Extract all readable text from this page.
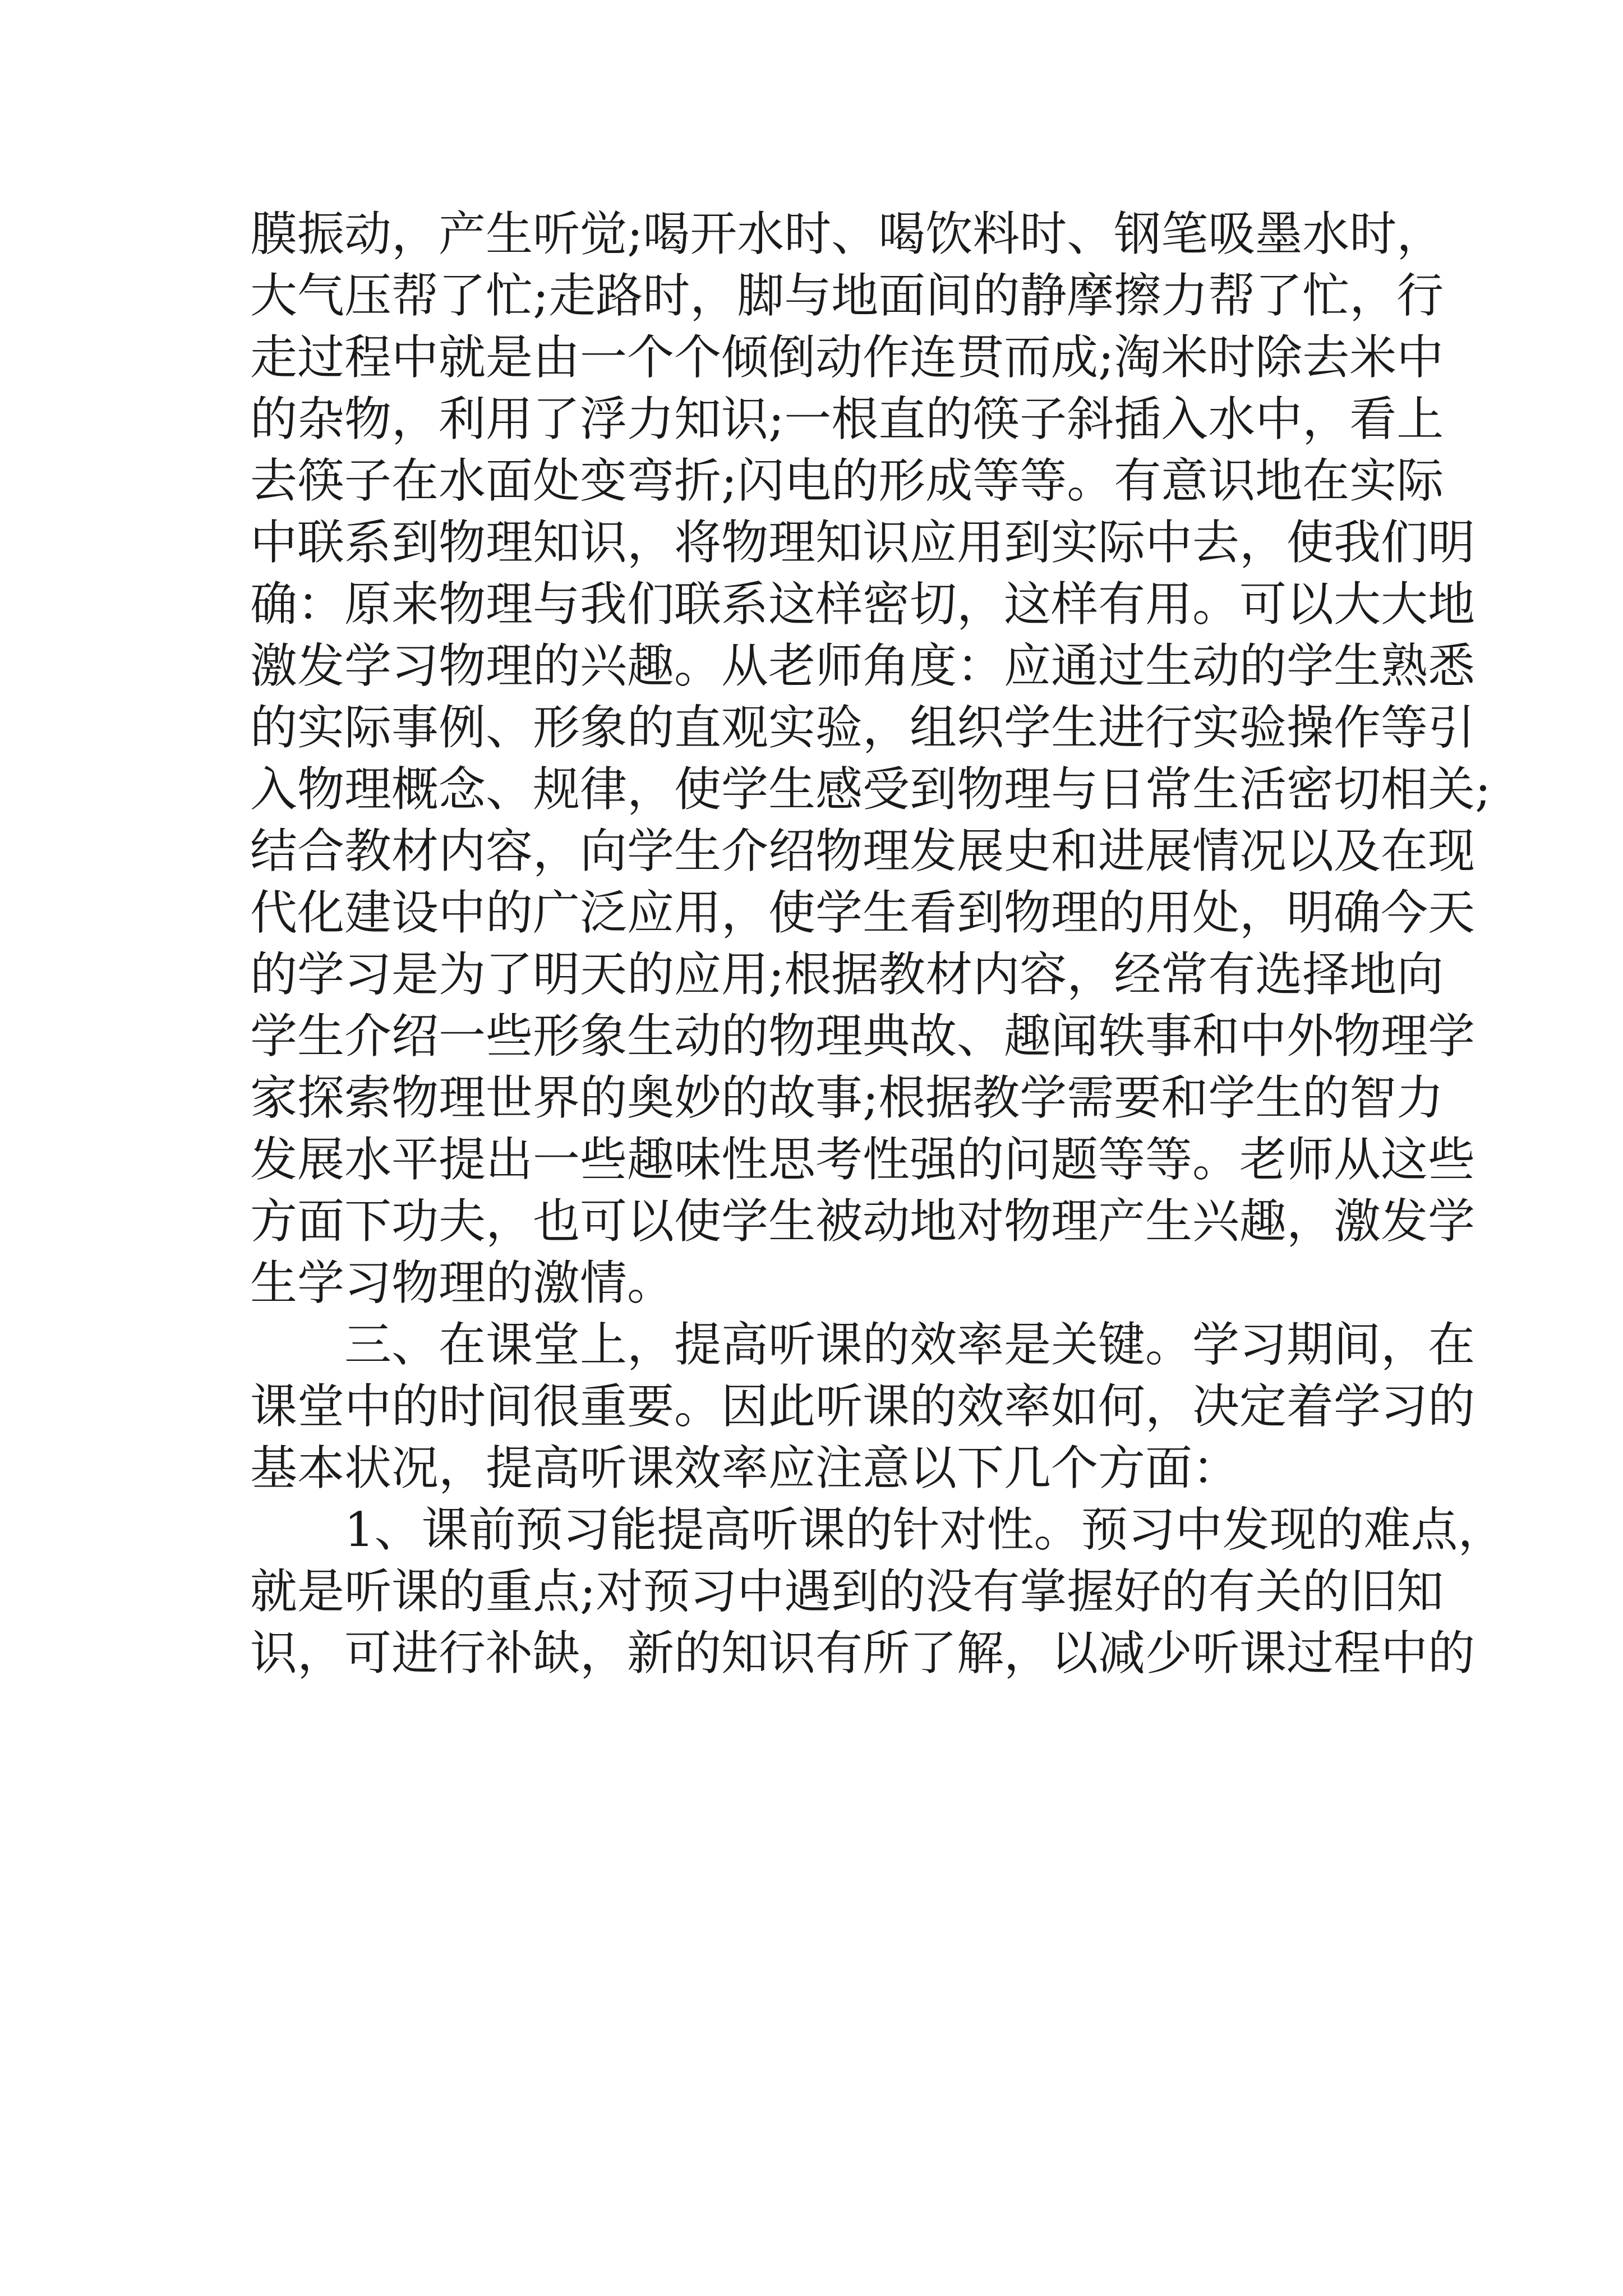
膜振动，产生听觉;喝开水时、喝饮料时、钢笔吸墨水时，
大气压帮了忙;走路时，脚与地面间的静摩擦力帮了忙，行
走过程中就是由一个个倾倒动作连贯而成;淘米时除去米中
的杂物，利用了浮力知识;一根直的筷子斜插入水中，看上
去筷子在水面处变弯折;闪电的形成等等。有意识地在实际
中联系到物理知识，将物理知识应用到实际中去，使我们明
确：原来物理与我们联系这样密切，这样有用。可以大大地
激发学习物理的兴趣。从老师角度：应通过生动的学生熟悉
的实际事例、形象的直观实验，组织学生进行实验操作等引
入物理概念、规律，使学生感受到物理与日常生活密切相关;
结合教材内容，向学生介绍物理发展史和进展情况以及在现
代化建设中的广泛应用，使学生看到物理的用处，明确今天
的学习是为了明天的应用;根据教材内容，经常有选择地向
学生介绍一些形象生动的物理典故、趣闻轶事和中外物理学
家探索物理世界的奥妙的故事;根据教学需要和学生的智力
发展水平提出一些趣味性思考性强的问题等等。老师从这些
方面下功夫，也可以使学生被动地对物理产生兴趣，激发学
生学习物理的激情。
　　三、在课堂上，提高听课的效率是关键。学习期间，在
课堂中的时间很重要。因此听课的效率如何，决定着学习的
基本状况，提高听课效率应注意以下几个方面：
　　1、课前预习能提高听课的针对性。预习中发现的难点，
就是听课的重点;对预习中遇到的没有掌握好的有关的旧知
识，可进行补缺，新的知识有所了解，以减少听课过程中的
